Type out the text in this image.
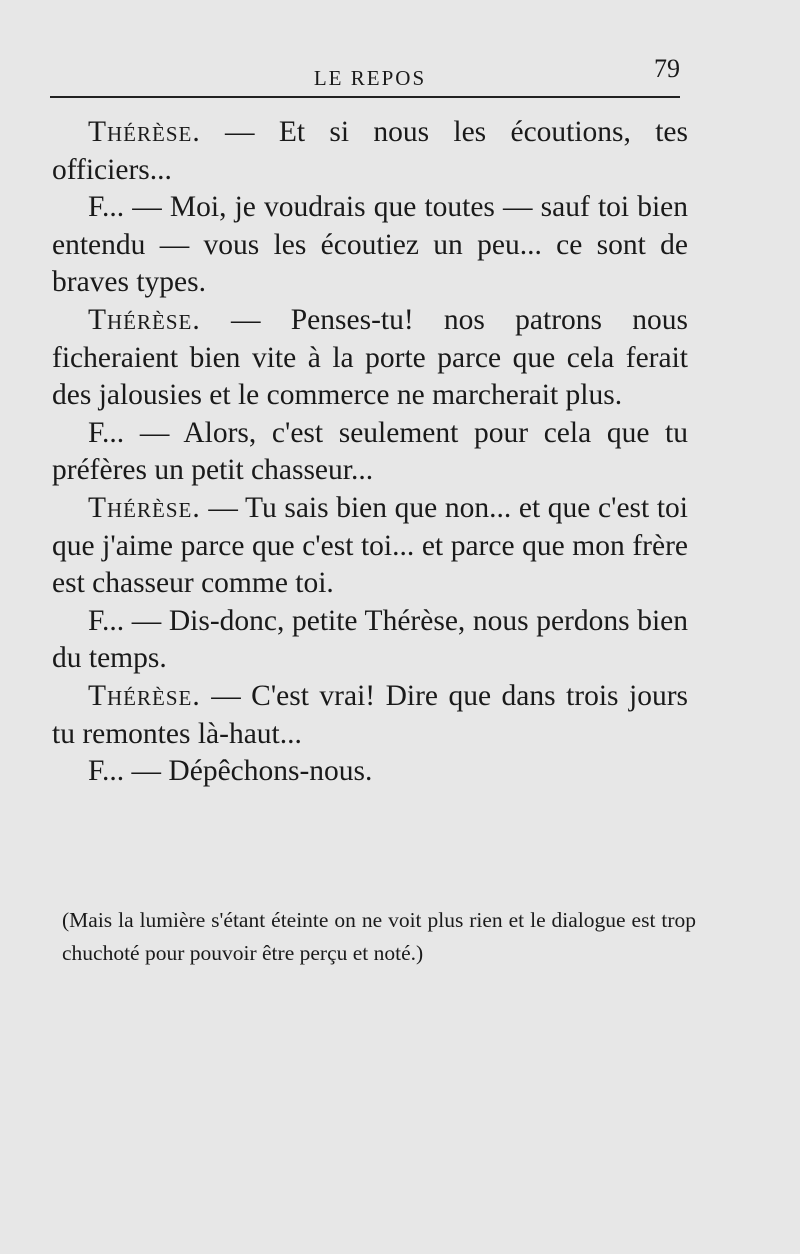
LE REPOS	79

Thérèse. — Et si nous les écoutions, tes officiers...

F... — Moi, je voudrais que toutes — sauf toi bien entendu — vous les écoutiez un peu... ce sont de braves types.

Thérèse. — Penses-tu! nos patrons nous ficheraient bien vite à la porte parce que cela ferait des jalousies et le commerce ne marcherait plus.

F... — Alors, c'est seulement pour cela que tu préfères un petit chasseur...

Thérèse. — Tu sais bien que non... et que c'est toi que j'aime parce que c'est toi... et parce que mon frère est chasseur comme toi.

F... — Dis-donc, petite Thérèse, nous perdons bien du temps.

Thérèse. — C'est vrai! Dire que dans trois jours tu remontes là-haut...

F... — Dépêchons-nous.

(Mais la lumière s'étant éteinte on ne voit plus rien et le dialogue est trop chuchoté pour pouvoir être perçu et noté.)
